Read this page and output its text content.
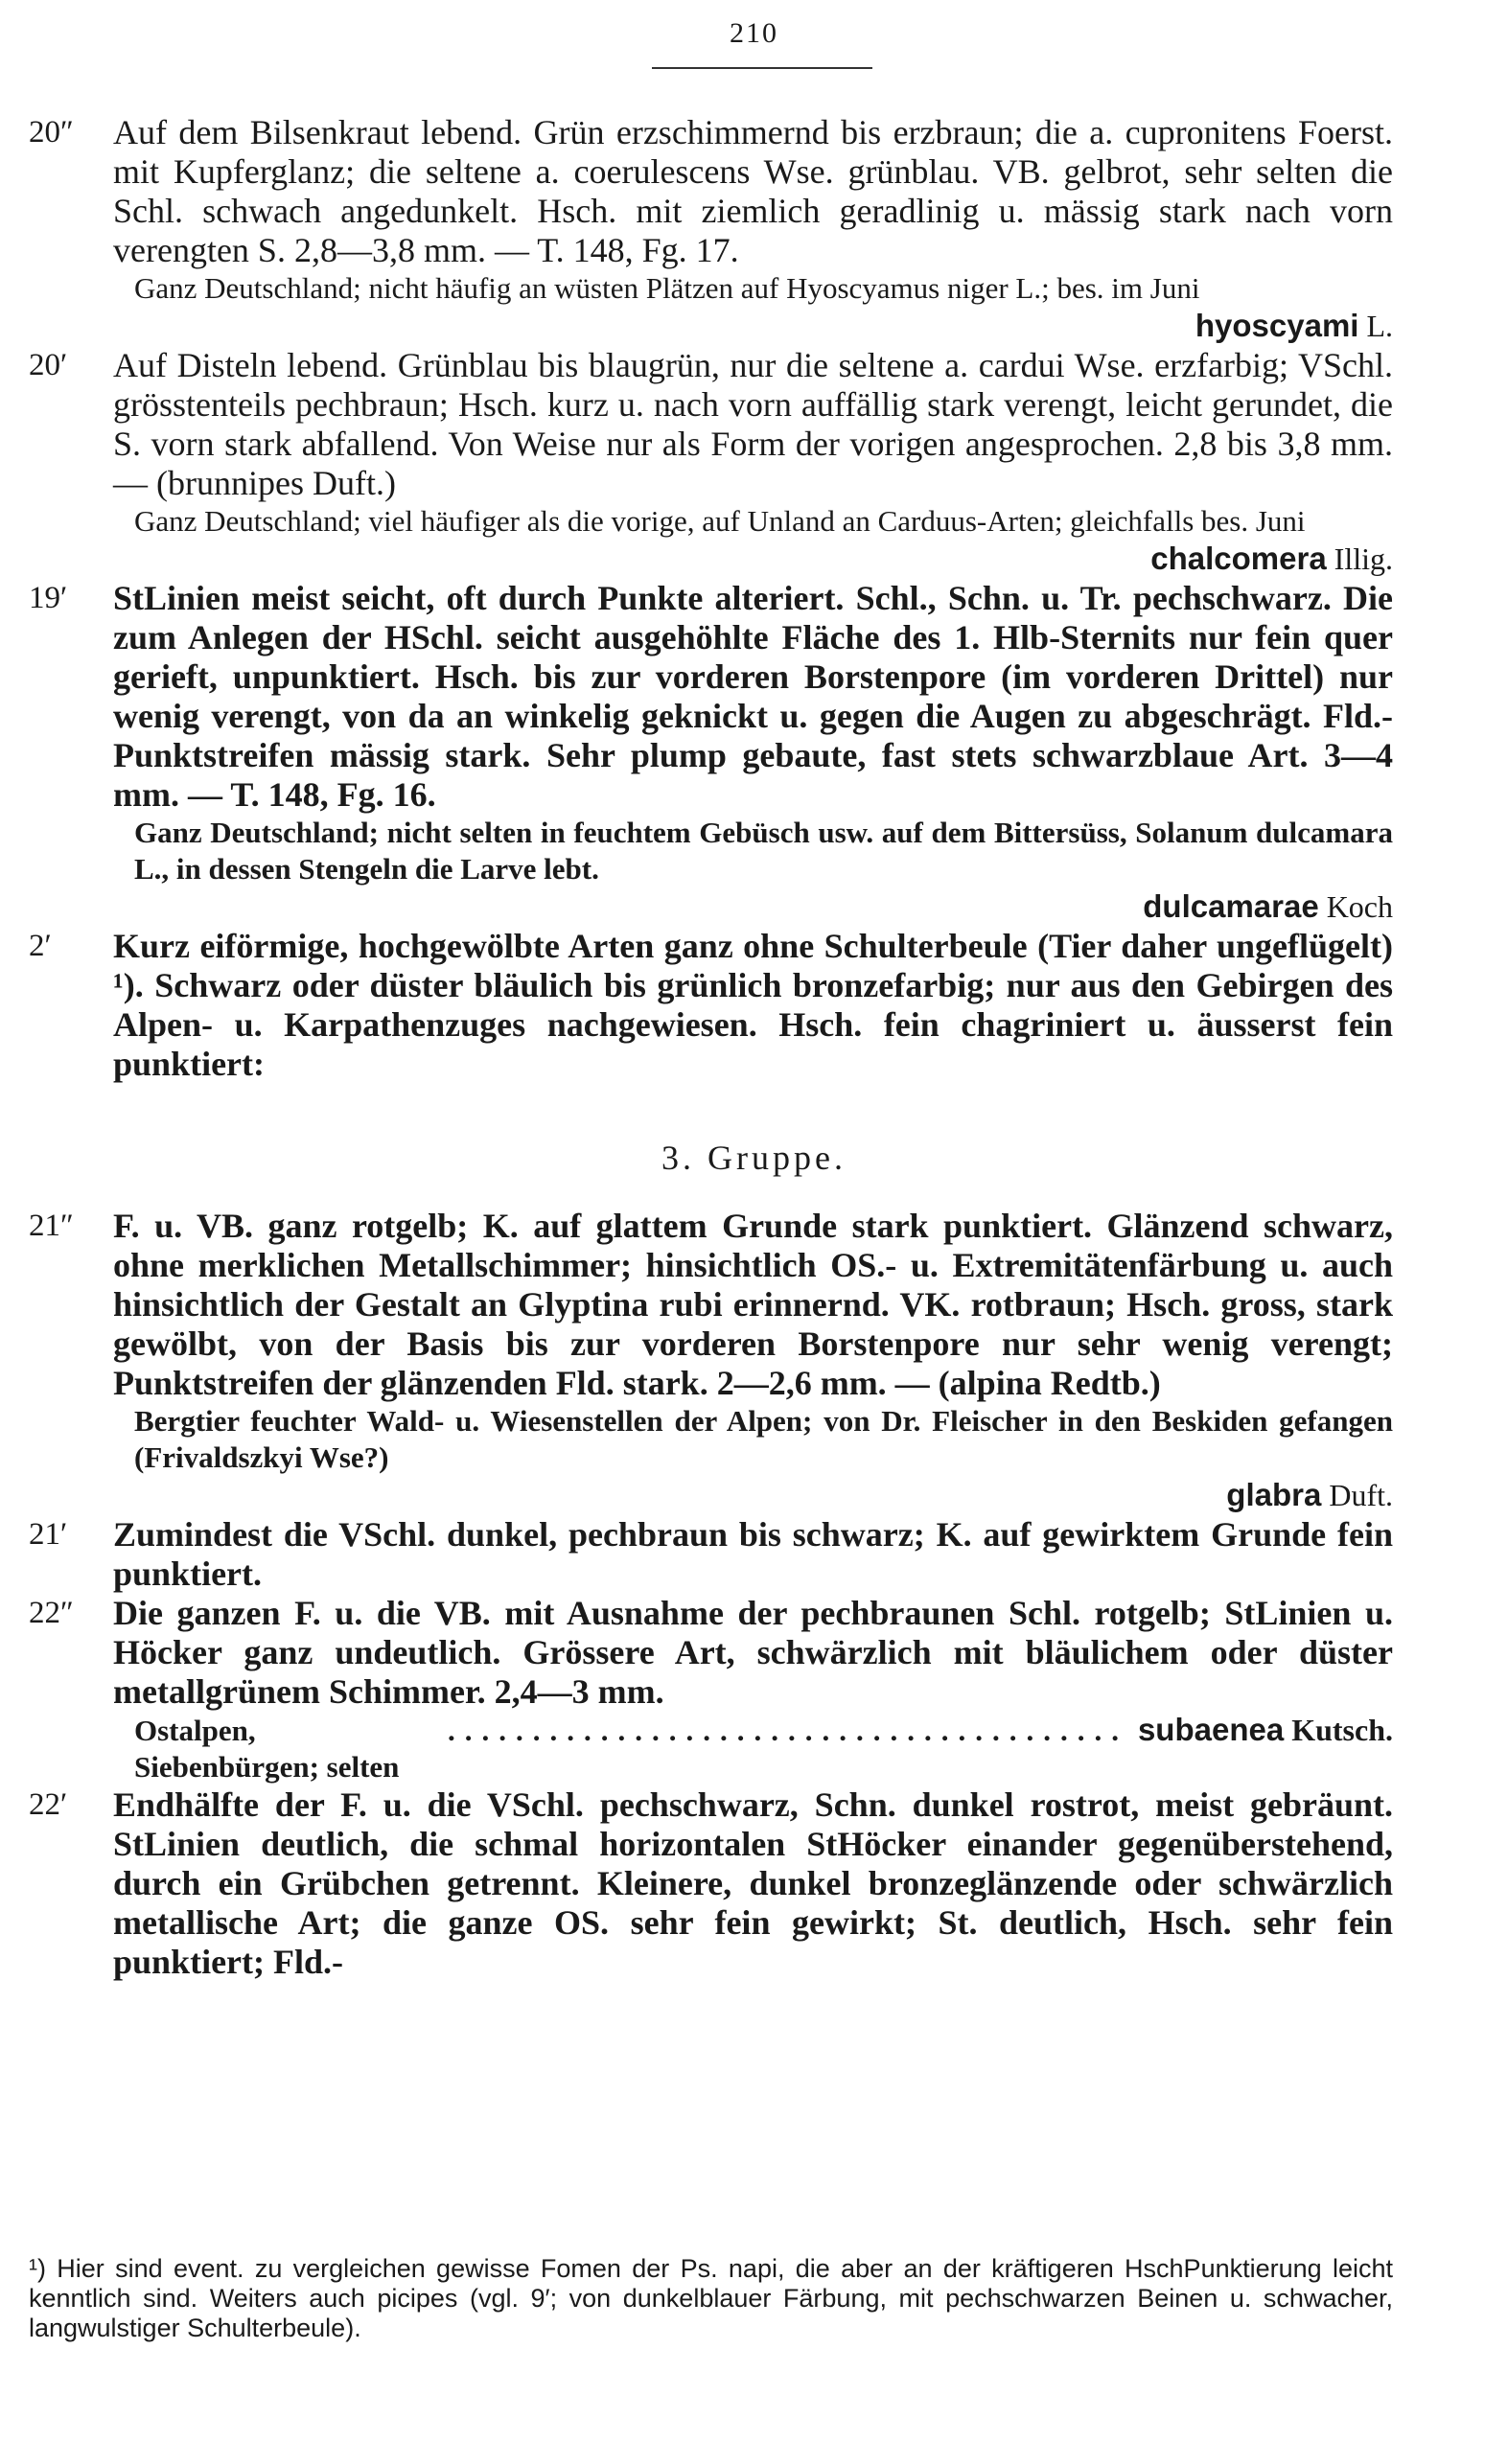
210
20″	Auf dem Bilsenkraut lebend. Grün erzschimmernd bis erzbraun; die a. cupronitens Foerst. mit Kupferglanz; die seltene a. coerulescens Wse. grünblau. VB. gelbrot, sehr selten die Schl. schwach angedunkelt. Hsch. mit ziemlich geradlinig u. mässig stark nach vorn verengten S. 2,8—3,8 mm. — T. 148, Fg. 17.

Ganz Deutschland; nicht häufig an wüsten Plätzen auf Hyoscyamus niger L.; bes. im Juni
hyoscyami L.
20′	Auf Disteln lebend. Grünblau bis blaugrün, nur die seltene a. cardui Wse. erzfarbig; VSchl. grösstenteils pechbraun; Hsch. kurz u. nach vorn auffällig stark verengt, leicht gerundet, die S. vorn stark abfallend. Von Weise nur als Form der vorigen angesprochen. 2,8 bis 3,8 mm. — (brunnipes Duft.)

Ganz Deutschland; viel häufiger als die vorige, auf Unland an Carduus-Arten; gleichfalls bes. Juni
chalcomera Illig.
19′	StLinien meist seicht, oft durch Punkte alteriert. Schl., Schn. u. Tr. pechschwarz. Die zum Anlegen der HSchl. seicht ausgehöhlte Fläche des 1. Hlb-Sternits nur fein quer gerieft, unpunktiert. Hsch. bis zur vorderen Borstenpore (im vorderen Drittel) nur wenig verengt, von da an winkelig geknickt u. gegen die Augen zu abgeschrägt. Fld.-Punktstreifen mässig stark. Sehr plump gebaute, fast stets schwarzblaue Art. 3—4 mm. — T. 148, Fg. 16.

Ganz Deutschland; nicht selten in feuchtem Gebüsch usw. auf dem Bittersüss, Solanum dulcamara L., in dessen Stengeln die Larve lebt.
dulcamarae Koch
2′	Kurz eiförmige, hochgewölbte Arten ganz ohne Schulterbeule (Tier daher ungeflügelt) ¹). Schwarz oder düster bläulich bis grünlich bronzefarbig; nur aus den Gebirgen des Alpen- u. Karpathenzuges nachgewiesen. Hsch. fein chagriniert u. äusserst fein punktiert:

3. Gruppe.
21″	F. u. VB. ganz rotgelb; K. auf glattem Grunde stark punktiert. Glänzend schwarz, ohne merklichen Metallschimmer; hinsichtlich OS.- u. Extremitätenfärbung u. auch hinsichtlich der Gestalt an Glyptina rubi erinnernd. VK. rotbraun; Hsch. gross, stark gewölbt, von der Basis bis zur vorderen Borstenpore nur sehr wenig verengt; Punktstreifen der glänzenden Fld. stark. 2—2,6 mm. — (alpina Redtb.)

Bergtier feuchter Wald- u. Wiesenstellen der Alpen; von Dr. Fleischer in den Beskiden gefangen (Frivaldszkyi Wse?)
glabra Duft.
21′	Zumindest die VSchl. dunkel, pechbraun bis schwarz; K. auf gewirktem Grunde fein punktiert.

22″	Die ganzen F. u. die VB. mit Ausnahme der pechbraunen Schl. rotgelb; StLinien u. Höcker ganz undeutlich. Grössere Art, schwärzlich mit bläulichem oder düster metallgrünem Schimmer. 2,4—3 mm.

Ostalpen, Siebenbürgen; selten
........................................ subaenea Kutsch.
22′	Endhälfte der F. u. die VSchl. pechschwarz, Schn. dunkel rostrot, meist gebräunt. StLinien deutlich, die schmal horizontalen StHöcker einander gegenüberstehend, durch ein Grübchen getrennt. Kleinere, dunkel bronzeglänzende oder schwärzlich metallische Art; die ganze OS. sehr fein gewirkt; St. deutlich, Hsch. sehr fein punktiert; Fld.-

¹) Hier sind event. zu vergleichen gewisse Fomen der Ps. napi, die aber an der kräftigeren HschPunktierung leicht kenntlich sind. Weiters auch picipes (vgl. 9′; von dunkelblauer Färbung, mit pechschwarzen Beinen u. schwacher, langwulstiger Schulterbeule).
